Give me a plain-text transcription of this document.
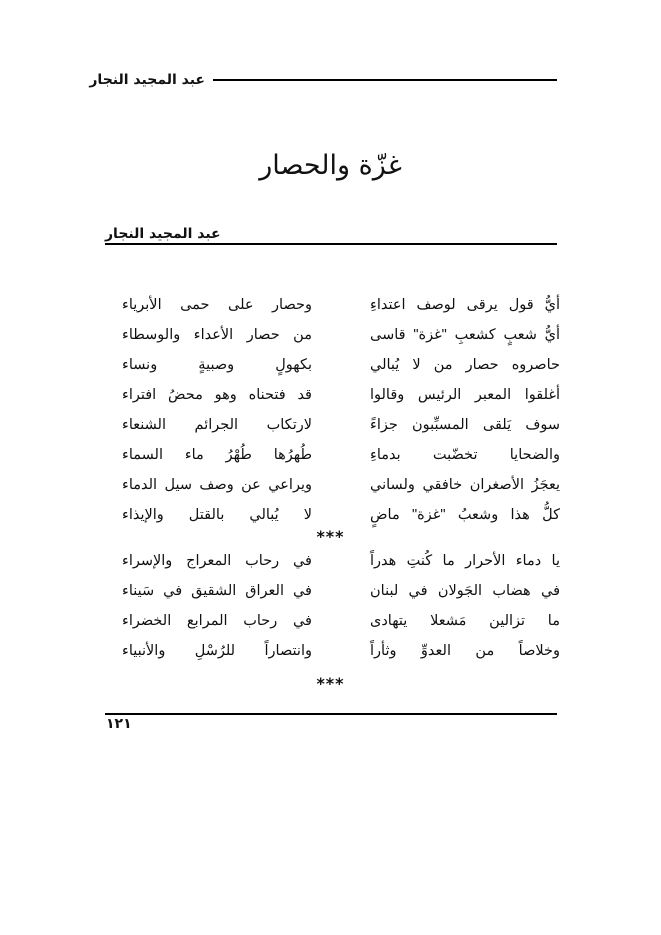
عبد المجيد النجار
غزّة والحصار
عبد المجيد النجار
أيُّ قول يرقى لوصف اعتداءِ
وحصار على حمى الأبرياء
أيُّ شعبٍ كشعبِ "غزة" قاسى
من حصار الأعداء والوسطاء
حاصروه حصار من لا يُبالي
بكهولٍ وصبيةٍ ونساء
أغلقوا المعبر الرئيس وقالوا
قد فتحناه وهو محضُ افتراء
سوف يَلقى المسبِّبون جزاءً
لارتكاب الجرائم الشنعاء
والضحايا تخضّبت بدماءِ
طُهرُها طُهْرُ ماء السماء
يعجَزُ الأصغران خافقي ولساني
ويراعي عن وصف سيل الدماء
كلُّ هذا وشعبُ "غزة" ماضٍ
لا يُبالي بالقتل والإيذاء
***
يا دماء الأحرار ما كُنتِ هدراً
في رحاب المعراج والإسراء
في هضاب الجَولان في لبنان
في العراق الشقيق في سَيناء
ما تزالين مَشعلا يتهادى
في رحاب المرابع الخضراء
وخلاصاً من العدوِّ وثأراً
وانتصاراً للرُسْلِ والأنبياء
***
١٢١
